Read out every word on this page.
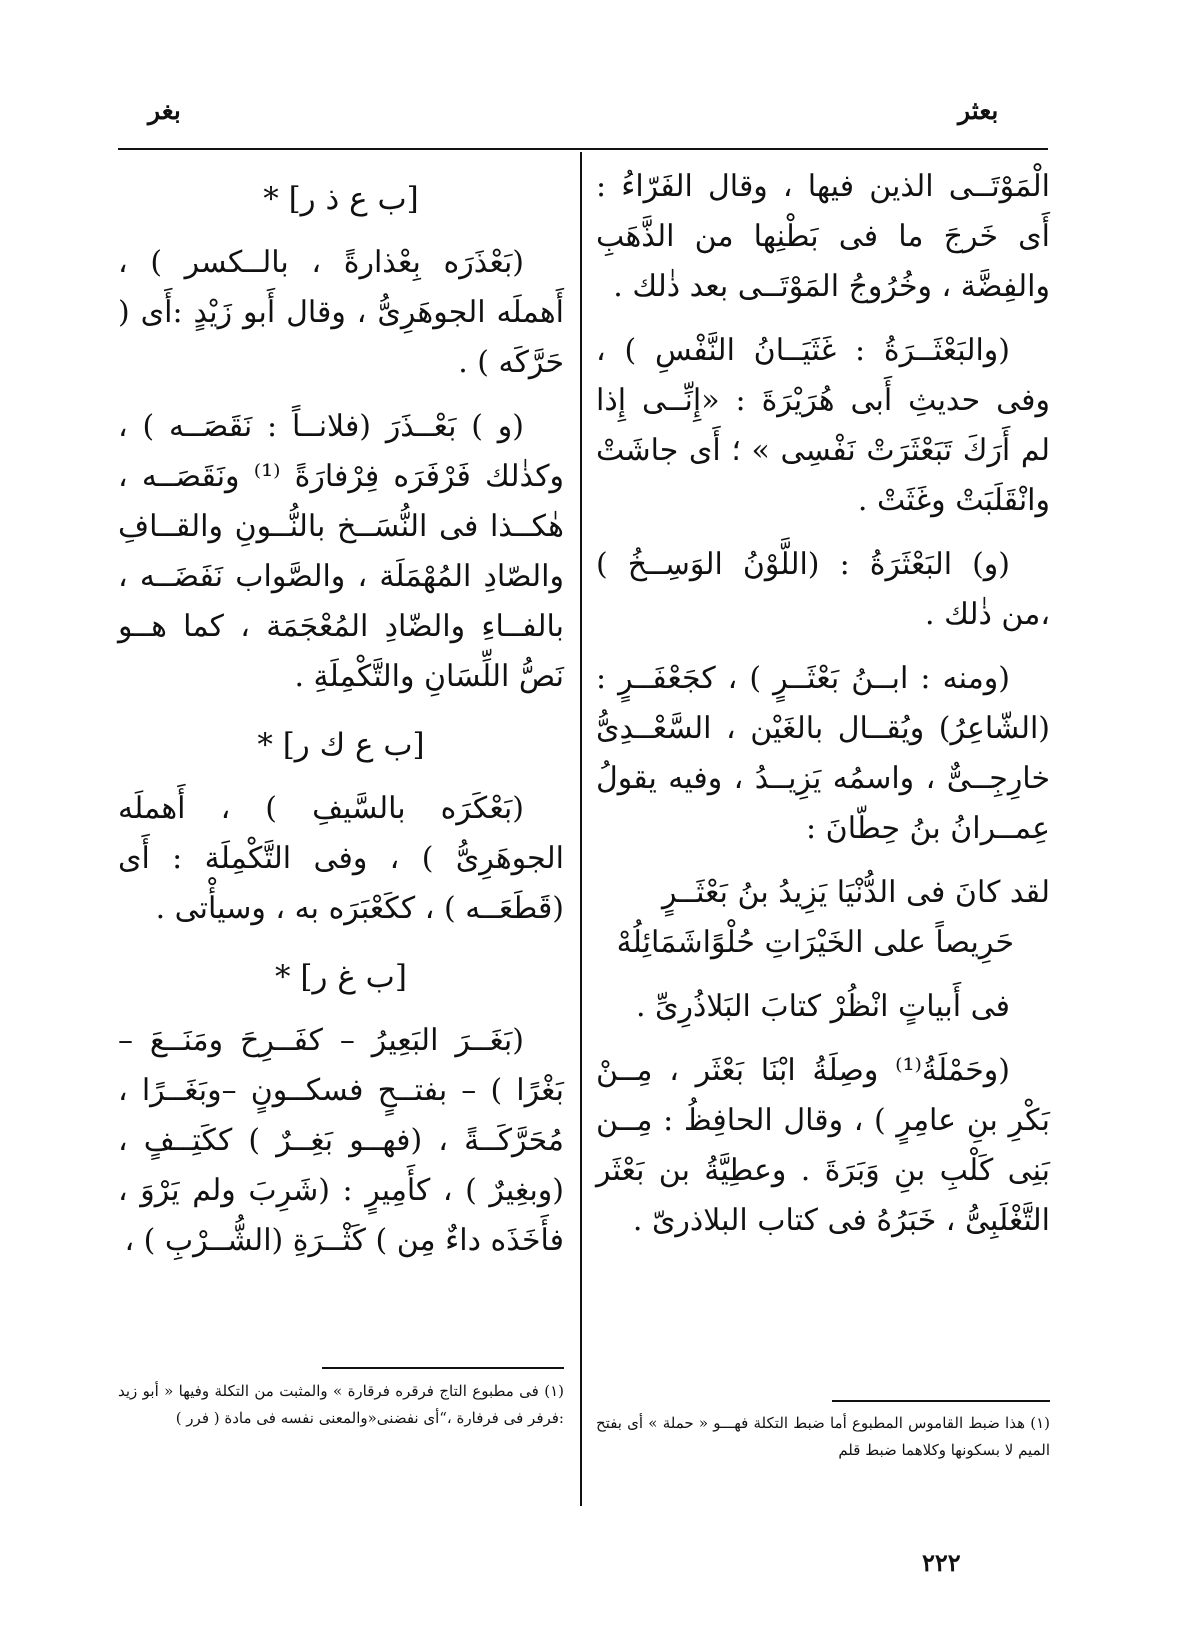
بعثر
بغر

الْمَوْتَــى الذين فيها ، وقال الفَرّاءُ : أَى خَرجَ ما فى بَطْنِها من الذَّهَبِ والفِضَّة ، وخُرُوجُ المَوْتَــى بعد ذٰلك .

(والبَعْثَــرَةُ : غَثَيَــانُ النَّفْسِ ) ، وفى حديثِ أَبى هُرَيْرَةَ : «إِنِّــى إِذا لم أَرَكَ تَبَعْثَرَتْ نَفْسِى » ؛ أَى جاشَتْ وانْقَلَبَتْ وغَثَتْ .

(و) البَعْثَرَةُ : (اللَّوْنُ الوَسِــخُ ) ،من ذٰلك .

(ومنه : ابــنُ بَعْثَــرٍ ) ، كجَعْفَــرٍ : (الشّاعِرُ) ويُقــال بالغَيْن ، السَّعْــدِىُّ خارِجِــىٌّ ، واسمُه يَزِيــدُ ، وفيه يقولُ عِمــرانُ بنُ حِطّانَ :

لقد كانَ فى الدُّنْيَا يَزِيدُ بنُ بَعْثَــرٍ
حَرِيصاً على الخَيْرَاتِ حُلْوًاشَمَائِلُهْ

فى أَبياتٍ انْظُرْ كتابَ البَلاذُرِىِّ .

(وحَمْلَةُ⁽¹⁾ وصِلَةُ ابْنَا بَعْثَر ، مِــنْ بَكْرِ بنِ عامِرٍ ) ، وقال الحافِظُ : مِــن بَنِى كَلْبِ بنِ وَبَرَةَ . وعطِيَّةُ بن بَعْثَر التَّغْلَبِىُّ ، خَبَرُهُ فى كتاب البلاذرىّ .

[ب ع ذ ر] *

(بَعْذَرَه بِعْذارةً ، بالــكسر ) ، أَهملَه الجوهَرِىُّ ، وقال أَبو زَيْدٍ :أَى ( حَرَّكَه ) .

(و ) بَعْــذَرَ (فلانــاً : نَقَصَــه ) ، وكذٰلك فَرْفَرَه فِرْفارَةً ⁽¹⁾ ونَقَصَــه ، هٰكــذا فى النُّسَــخ بالنُّــونِ والقــافِ والصّادِ المُهْمَلَة ، والصَّواب نَفَضَــه ، بالفــاءِ والضّادِ المُعْجَمَة ، كما هــو نَصُّ اللِّسَانِ والتَّكْمِلَةِ .

[ب ع ك ر] *

(بَعْكَرَه بالسَّيفِ ) ، أَهملَه الجوهَرِىُّ ) ، وفى التَّكْمِلَة : أَى (قَطَعَــه ) ، ككَعْبَرَه به ، وسيأْتى .

[ب غ ر] *

(بَغَــرَ البَعِيرُ – كفَــرِحَ ومَنَــعَ – بَغْرًا ) – بفتــحٍ فسكــونٍ –وبَغَــرًا ، مُحَرَّكَــةً ، (فهــو بَغِــرٌ ) ككَتِــفٍ ، (وبغِيرٌ ) ، كأَمِيرٍ : (شَرِبَ ولم يَرْوَ ، فأَخَذَه داءٌ مِن ) كَثْــرَةِ (الشُّــرْبِ ) ،

(١) هذا ضبط القاموس المطبوع أما ضبط التكلة فهـــو « حملة » أى بفتح الميم لا بسكونها وكلاهما ضبط قلم
(١) فى مطبوع التاج فرقره فرقارة » والمثبت من التكلة وفيها « أبو زيد :فرفر فى فرفارة ،“أى نفضنى«والمعنى نفسه فى مادة ( فرر )
٢٢٢
